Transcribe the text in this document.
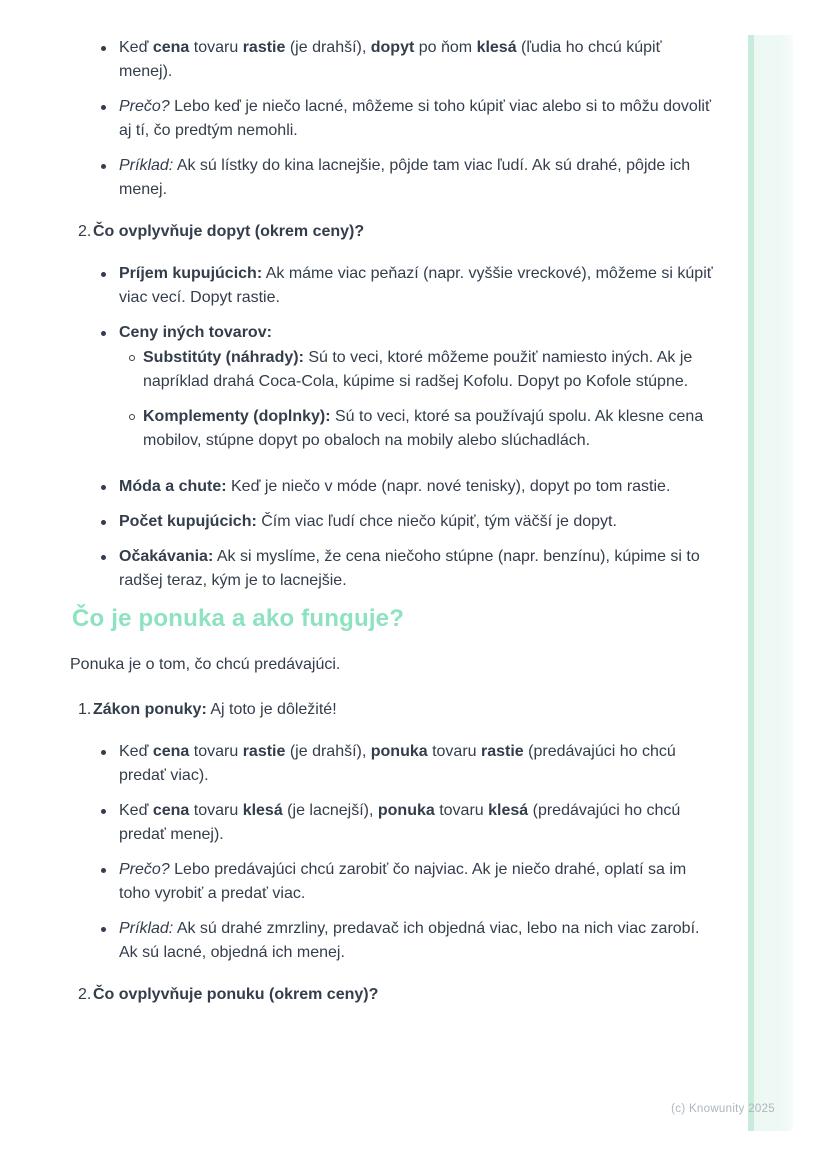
Keď cena tovaru rastie (je drahší), dopyt po ňom klesá (ľudia ho chcú kúpiť menej).
Prečo? Lebo keď je niečo lacné, môžeme si toho kúpiť viac alebo si to môžu dovoliť aj tí, čo predtým nemohli.
Príklad: Ak sú lístky do kina lacnejšie, pôjde tam viac ľudí. Ak sú drahé, pôjde ich menej.
2. Čo ovplyvňuje dopyt (okrem ceny)?
Príjem kupujúcich: Ak máme viac peňazí (napr. vyššie vreckové), môžeme si kúpiť viac vecí. Dopyt rastie.
Ceny iných tovarov:
Substitúty (náhrady): Sú to veci, ktoré môžeme použiť namiesto iných. Ak je napríklad drahá Coca-Cola, kúpime si radšej Kofolu. Dopyt po Kofole stúpne.
Komplementy (doplnky): Sú to veci, ktoré sa používajú spolu. Ak klesne cena mobilov, stúpne dopyt po obaloch na mobily alebo slúchadlách.
Móda a chute: Keď je niečo v móde (napr. nové tenisky), dopyt po tom rastie.
Počet kupujúcich: Čím viac ľudí chce niečo kúpiť, tým väčší je dopyt.
Očakávania: Ak si myslíme, že cena niečoho stúpne (napr. benzínu), kúpime si to radšej teraz, kým je to lacnejšie.
Čo je ponuka a ako funguje?
Ponuka je o tom, čo chcú predávajúci.
1. Zákon ponuky: Aj toto je dôležité!
Keď cena tovaru rastie (je drahší), ponuka tovaru rastie (predávajúci ho chcú predať viac).
Keď cena tovaru klesá (je lacnejší), ponuka tovaru klesá (predávajúci ho chcú predať menej).
Prečo? Lebo predávajúci chcú zarobiť čo najviac. Ak je niečo drahé, oplatí sa im toho vyrobiť a predať viac.
Príklad: Ak sú drahé zmrzliny, predavač ich objedná viac, lebo na nich viac zarobí. Ak sú lacné, objedná ich menej.
2. Čo ovplyvňuje ponuku (okrem ceny)?
(c) Knowunity 2025
